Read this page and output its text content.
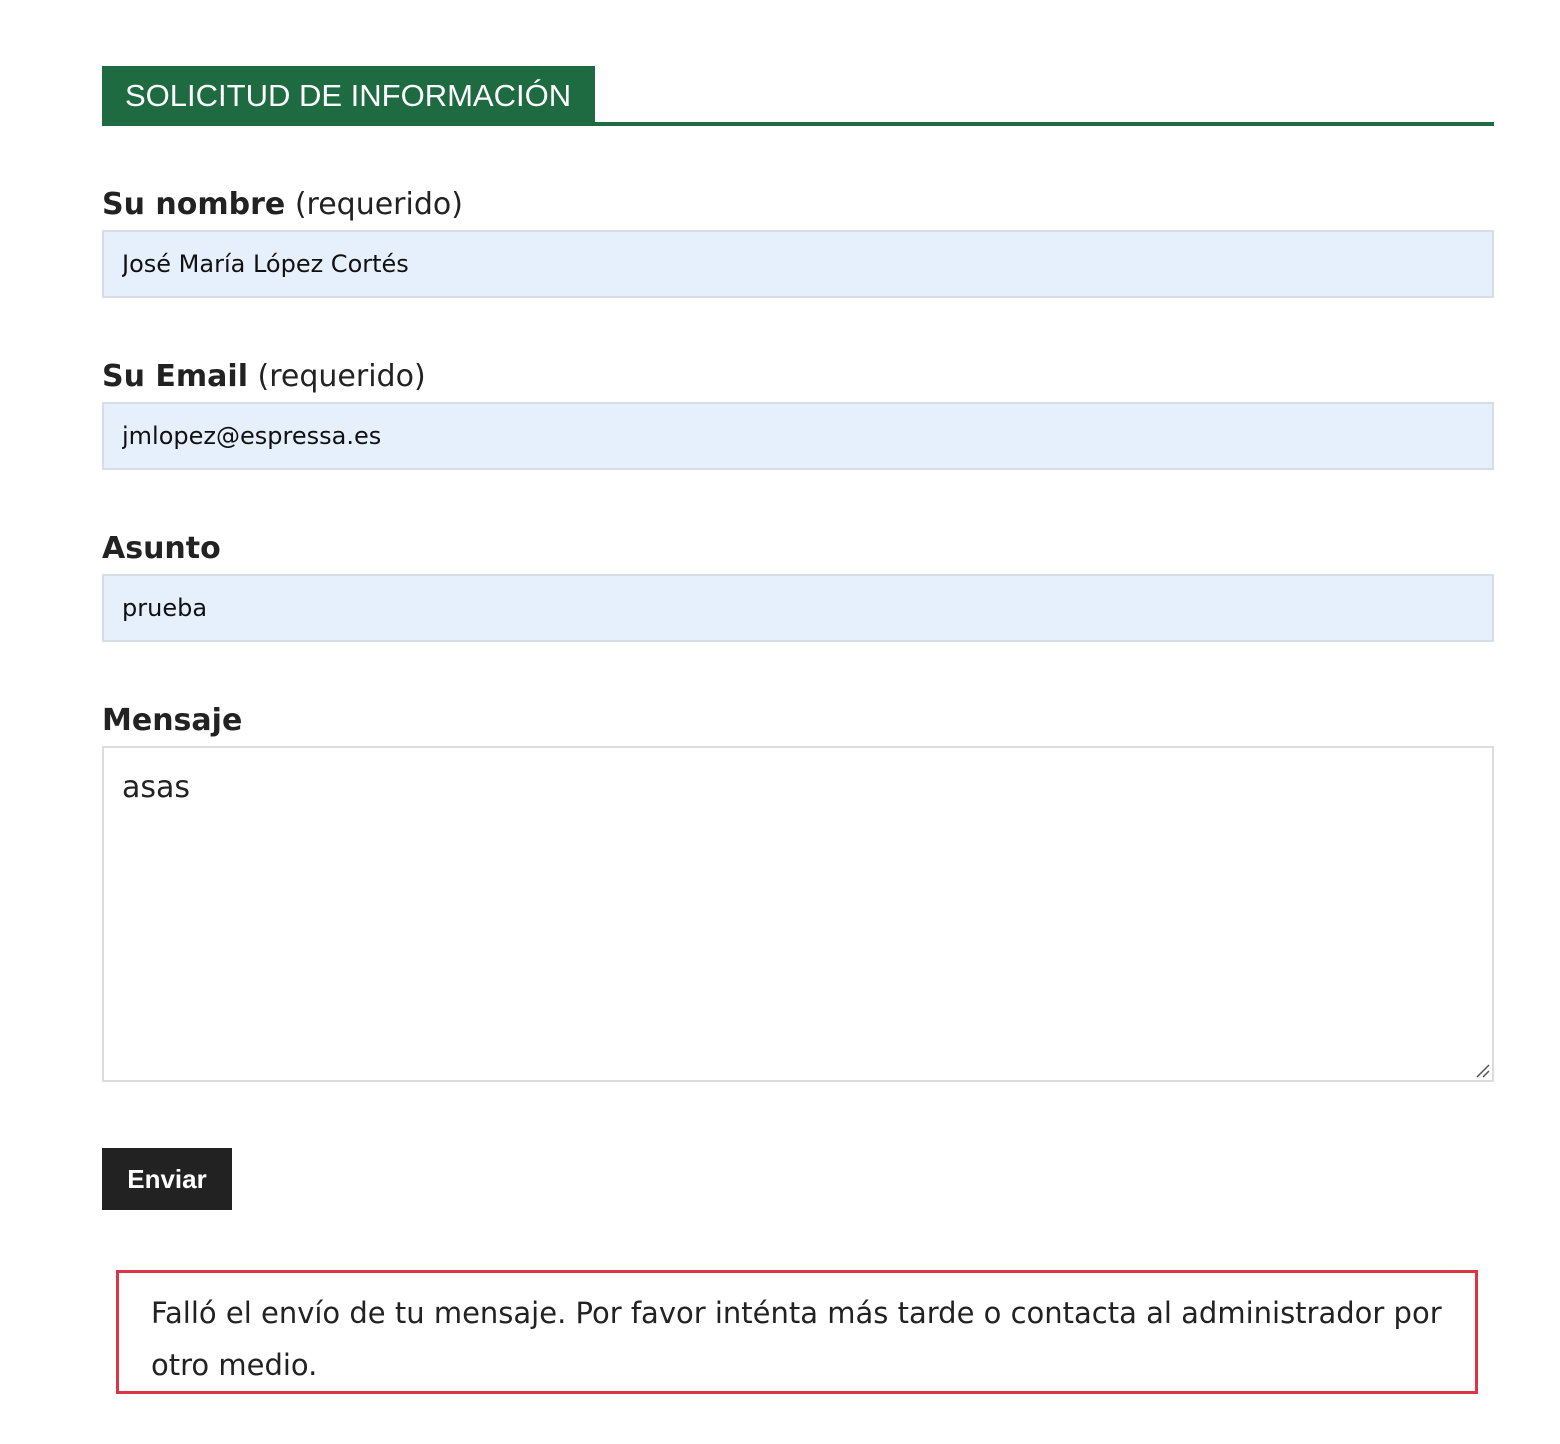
SOLICITUD DE INFORMACIÓN
Su nombre (requerido)
José María López Cortés
Su Email (requerido)
jmlopez@espressa.es
Asunto
prueba
Mensaje
asas
Enviar
Falló el envío de tu mensaje. Por favor inténta más tarde o contacta al administrador por otro medio.
